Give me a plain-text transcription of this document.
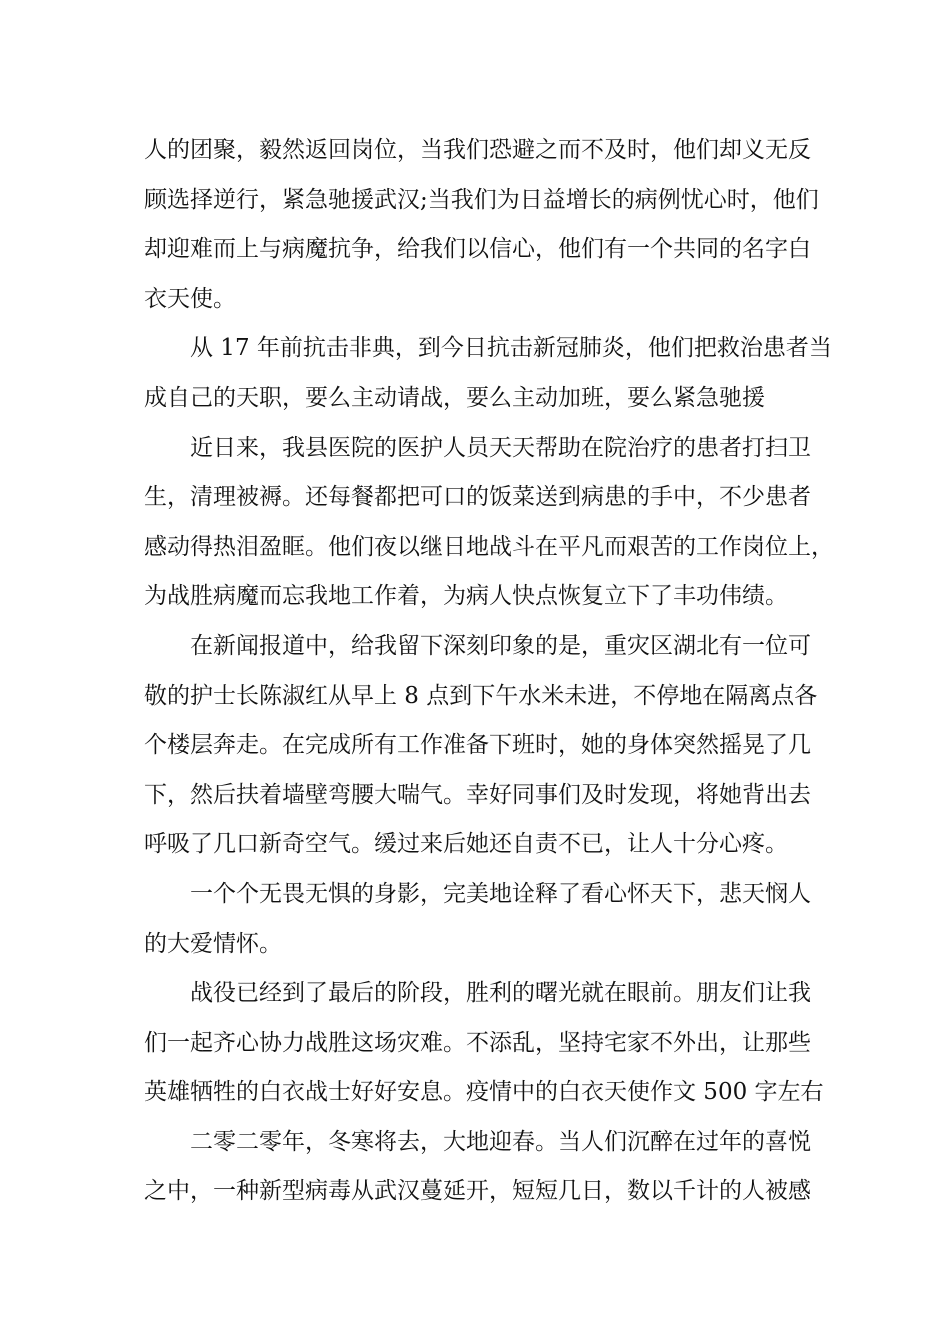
人的团聚，毅然返回岗位，当我们恐避之而不及时，他们却义无反
顾选择逆行，紧急驰援武汉;当我们为日益增长的病例忧心时，他们
却迎难而上与病魔抗争，给我们以信心，他们有一个共同的名字白
衣天使。
从 17 年前抗击非典，到今日抗击新冠肺炎，他们把救治患者当
成自己的天职，要么主动请战，要么主动加班，要么紧急驰援
近日来，我县医院的医护人员天天帮助在院治疗的患者打扫卫
生，清理被褥。还每餐都把可口的饭菜送到病患的手中，不少患者
感动得热泪盈眶。他们夜以继日地战斗在平凡而艰苦的工作岗位上，
为战胜病魔而忘我地工作着，为病人快点恢复立下了丰功伟绩。
在新闻报道中，给我留下深刻印象的是，重灾区湖北有一位可
敬的护士长陈淑红从早上 8 点到下午水米未进，不停地在隔离点各
个楼层奔走。在完成所有工作准备下班时，她的身体突然摇晃了几
下，然后扶着墙壁弯腰大喘气。幸好同事们及时发现，将她背出去
呼吸了几口新奇空气。缓过来后她还自责不已，让人十分心疼。
一个个无畏无惧的身影，完美地诠释了看心怀天下，悲天悯人
的大爱情怀。
战役已经到了最后的阶段，胜利的曙光就在眼前。朋友们让我
们一起齐心协力战胜这场灾难。不添乱，坚持宅家不外出，让那些
英雄牺牲的白衣战士好好安息。疫情中的白衣天使作文 500 字左右
二零二零年，冬寒将去，大地迎春。当人们沉醉在过年的喜悦
之中，一种新型病毒从武汉蔓延开，短短几日，数以千计的人被感
